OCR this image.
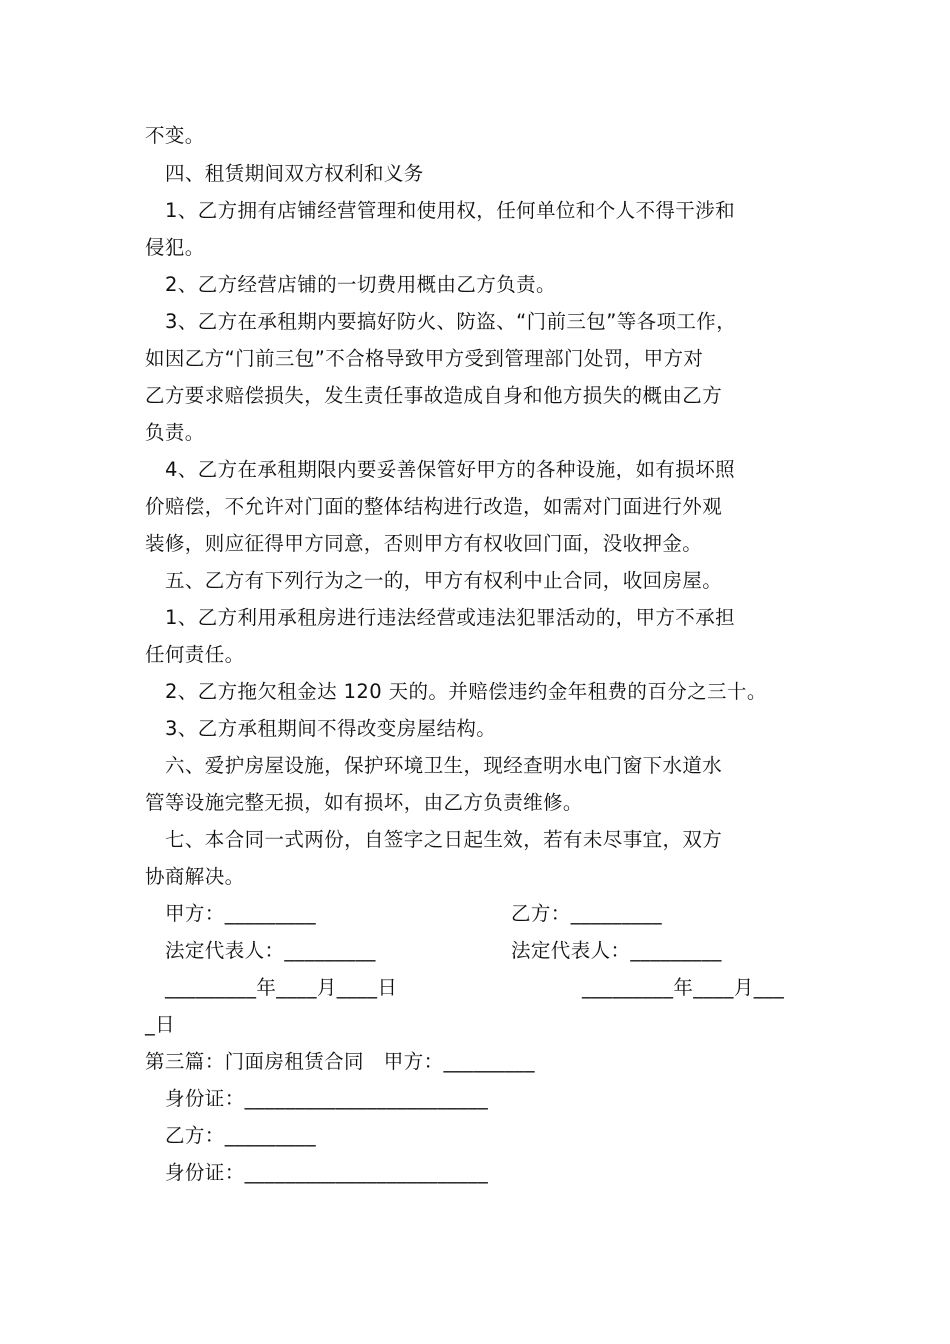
不变。
四、租赁期间双方权利和义务
1、乙方拥有店铺经营管理和使用权，任何单位和个人不得干涉和
侵犯。
2、乙方经营店铺的一切费用概由乙方负责。
3、乙方在承租期内要搞好防火、防盗、“门前三包”等各项工作，
如因乙方“门前三包”不合格导致甲方受到管理部门处罚，甲方对
乙方要求赔偿损失，发生责任事故造成自身和他方损失的概由乙方
负责。
4、乙方在承租期限内要妥善保管好甲方的各种设施，如有损坏照
价赔偿，不允许对门面的整体结构进行改造，如需对门面进行外观
装修，则应征得甲方同意，否则甲方有权收回门面，没收押金。
五、乙方有下列行为之一的，甲方有权利中止合同，收回房屋。
1、乙方利用承租房进行违法经营或违法犯罪活动的，甲方不承担
任何责任。
2、乙方拖欠租金达 120 天的。并赔偿违约金年租费的百分之三十。
3、乙方承租期间不得改变房屋结构。
六、爱护房屋设施，保护环境卫生，现经查明水电门窗下水道水
管等设施完整无损，如有损坏，由乙方负责维修。
七、本合同一式两份，自签字之日起生效，若有未尽事宜，双方
协商解决。
甲方：_________	乙方：_________
法定代表人：_________	法定代表人：_________
_________年____月____日	_________年____月___
_日
第三篇：门面房租赁合同　甲方：_________
身份证：________________________
乙方：_________
身份证：________________________
